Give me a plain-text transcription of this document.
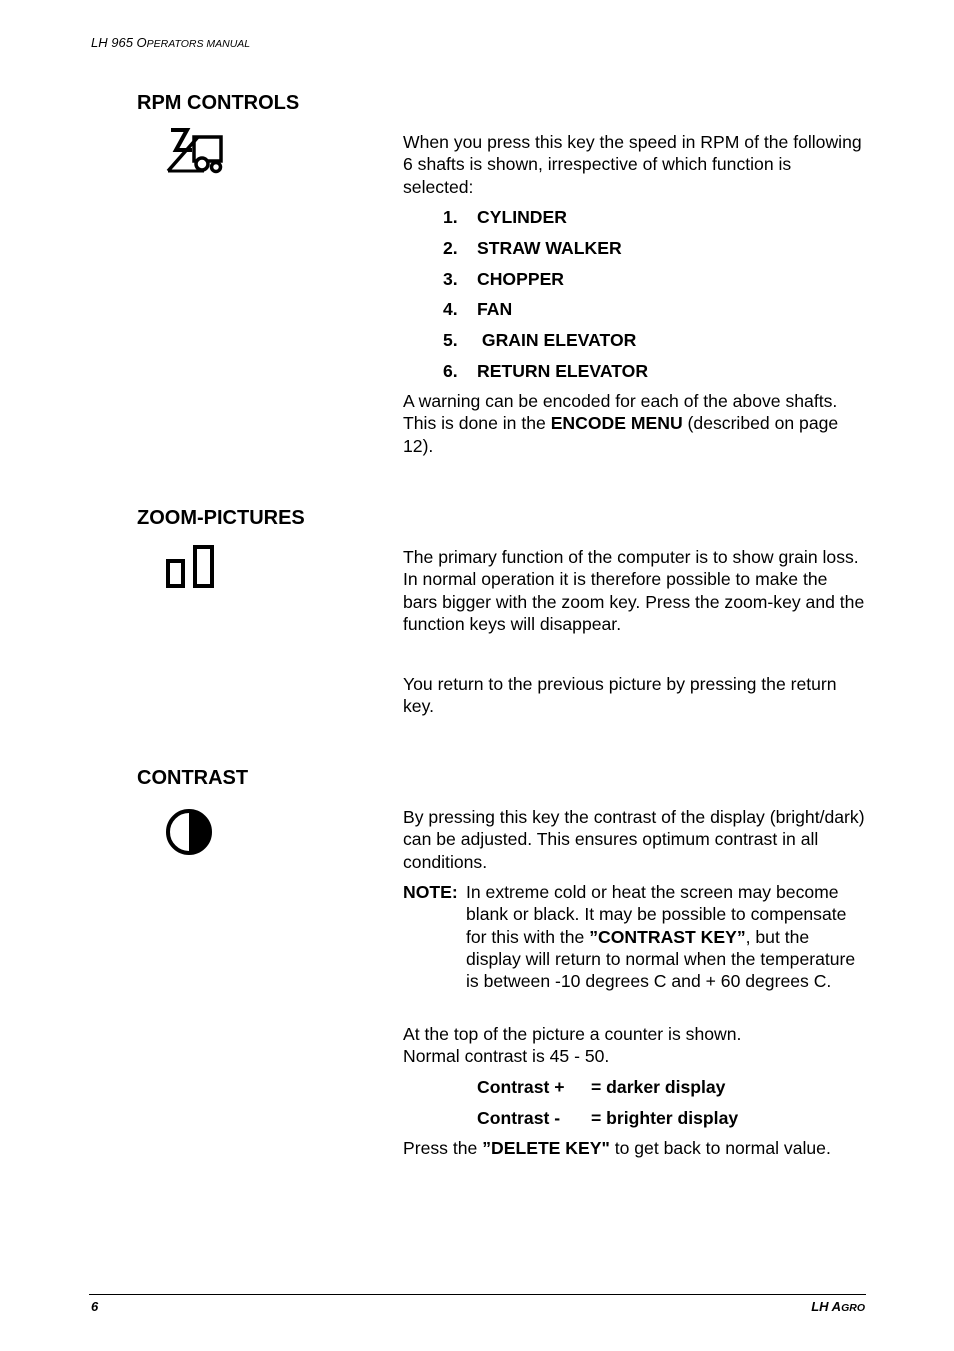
LH 965 OPERATORS MANUAL
RPM CONTROLS

When you press this key the speed in RPM of the following 6 shafts is shown, irrespective of which function is selected:

1. CYLINDER
2. STRAW WALKER
3. CHOPPER
4. FAN
5. GRAIN ELEVATOR
6. RETURN ELEVATOR

A warning can be encoded for each of the above shafts. This is done in the ENCODE MENU (described on page 12).

ZOOM-PICTURES

The primary function of the computer is to show grain loss. In normal operation it is therefore possible to make the bars bigger with the zoom key. Press the zoom-key and the function keys will disappear.

You return to the previous picture by pressing the return key.

CONTRAST

By pressing this key the contrast of the display (bright/dark) can be adjusted. This ensures optimum contrast in all conditions.

NOTE: In extreme cold or heat the screen may become blank or black. It may be possible to compensate for this with the ”CONTRAST KEY”, but the display will return to normal when the temperature is between -10 degrees C and + 60 degrees C.

At the top of the picture a counter is shown.

Normal contrast is 45 - 50.

Contrast + = darker display
Contrast - = brighter display

Press the ”DELETE KEY" to get back to normal value.

6	LH AGRO
